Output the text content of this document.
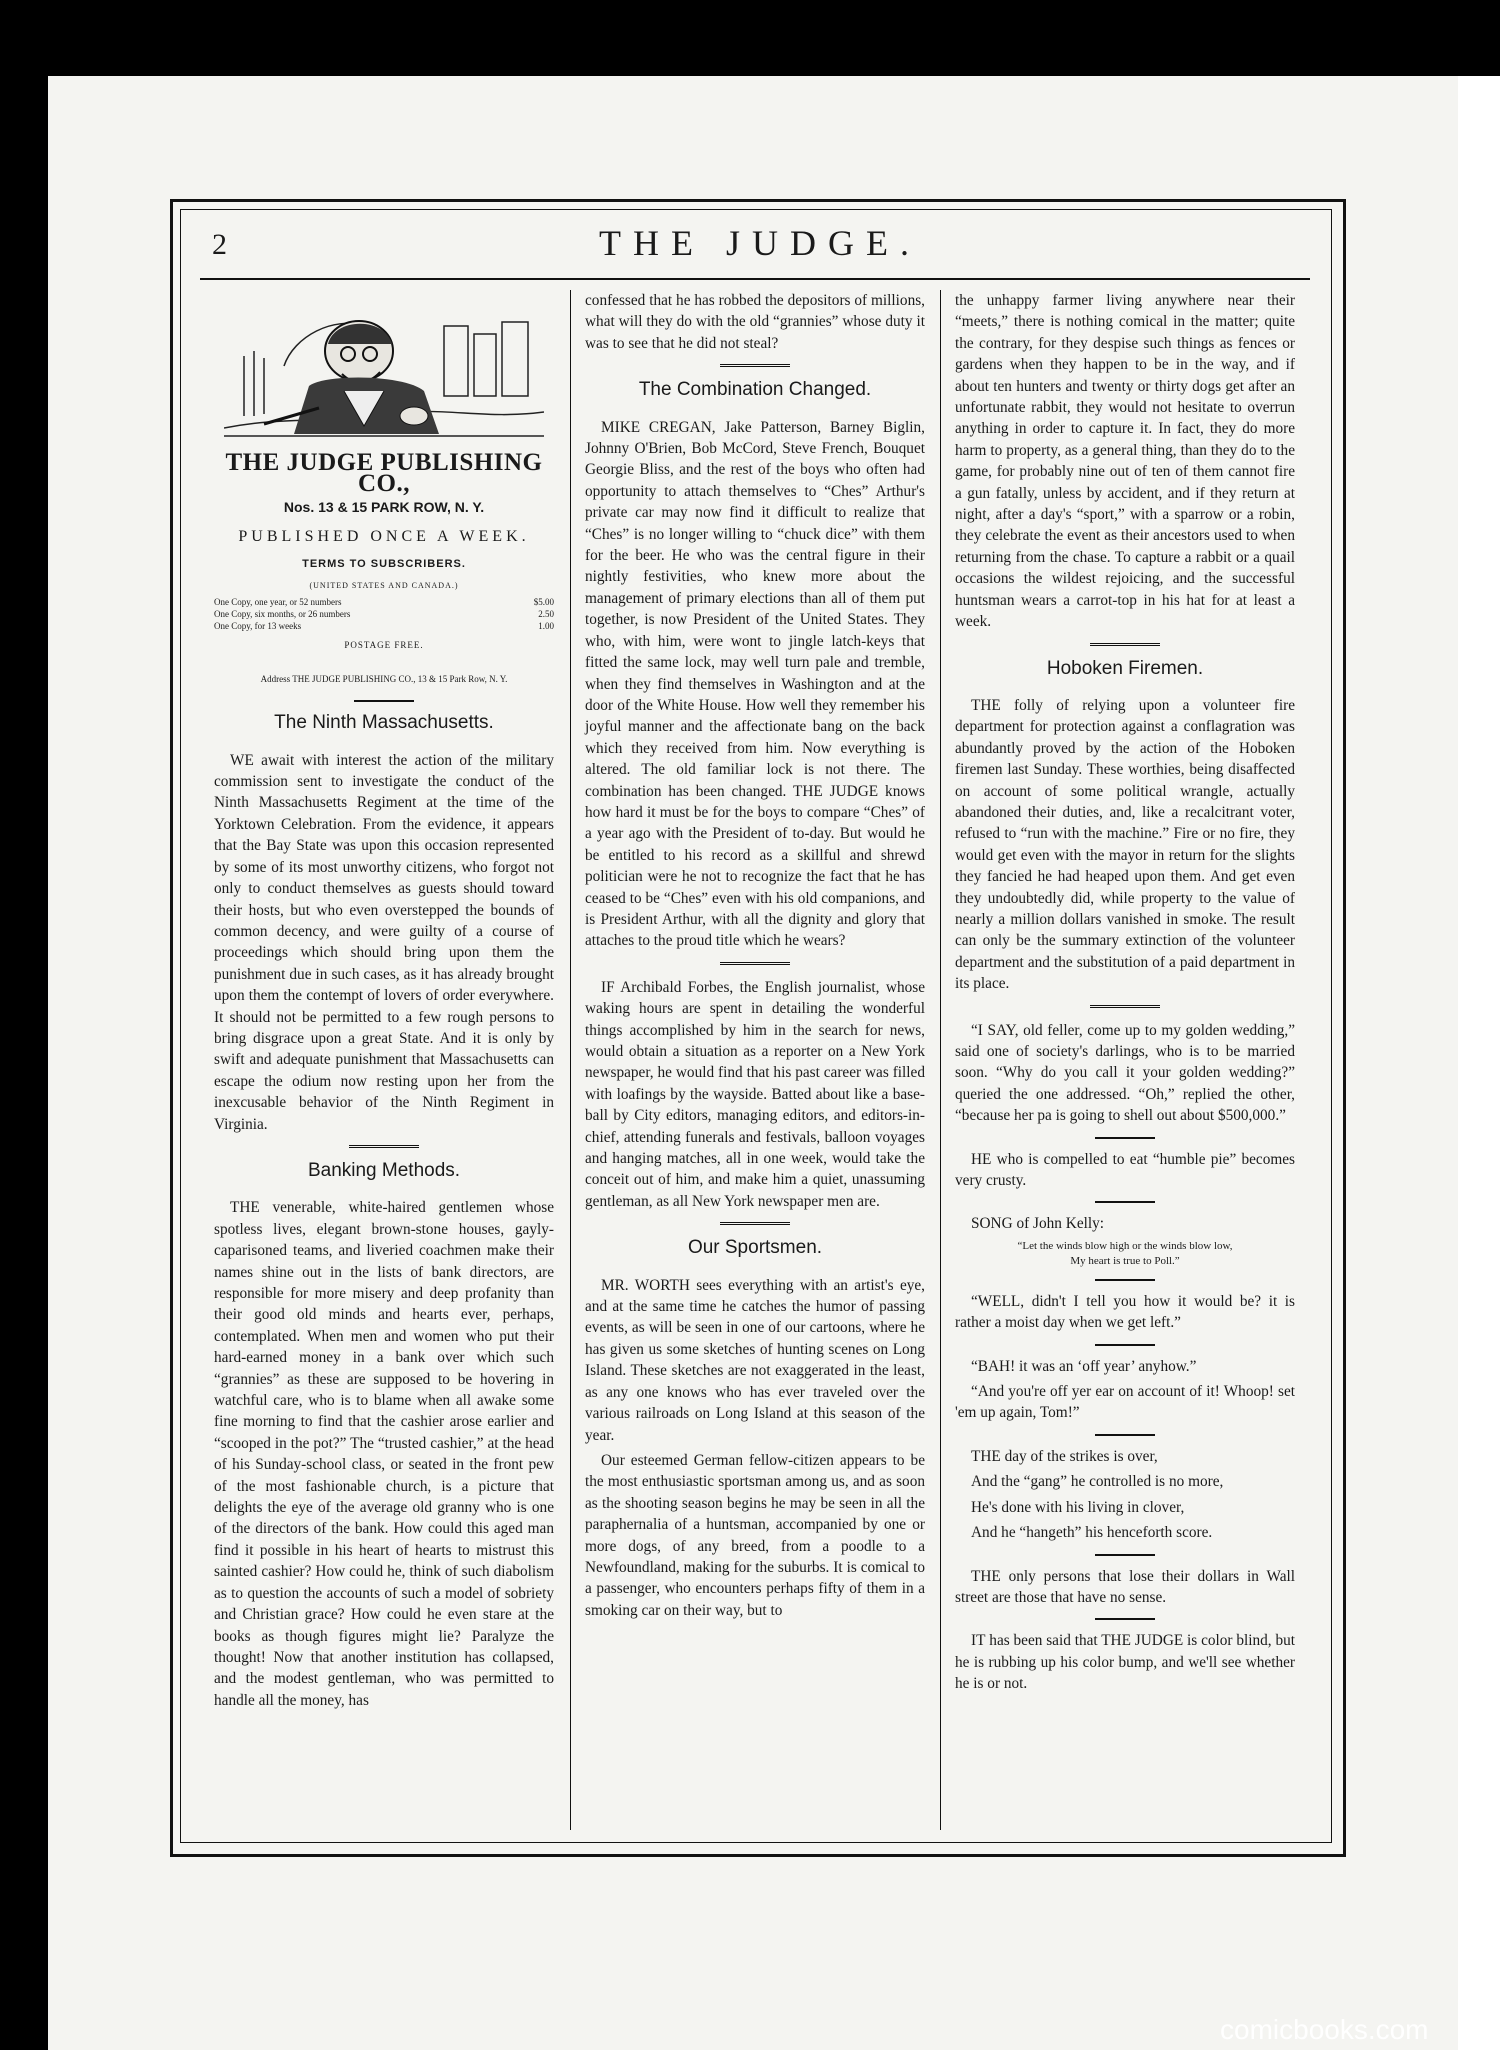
2	THE JUDGE.
THE JUDGE PUBLISHING CO.,
Nos. 13 & 15 PARK ROW, N. Y.
PUBLISHED ONCE A WEEK.
TERMS TO SUBSCRIBERS.
(UNITED STATES AND CANADA.)
One Copy, one year, or 52 numbers	$5.00
One Copy, six months, or 26 numbers	2.50
One Copy, for 13 weeks	1.00
POSTAGE FREE.
Address THE JUDGE PUBLISHING CO., 13 & 15 Park Row, N. Y.
The Ninth Massachusetts.

WE await with interest the action of the military commission sent to investigate the conduct of the Ninth Massachusetts Regiment at the time of the Yorktown Celebration. From the evidence, it appears that the Bay State was upon this occasion represented by some of its most unworthy citizens, who forgot not only to conduct themselves as guests should toward their hosts, but who even overstepped the bounds of common decency, and were guilty of a course of proceedings which should bring upon them the punishment due in such cases, as it has already brought upon them the contempt of lovers of order everywhere. It should not be permitted to a few rough persons to bring disgrace upon a great State. And it is only by swift and adequate punishment that Massachusetts can escape the odium now resting upon her from the inexcusable behavior of the Ninth Regiment in Virginia.

Banking Methods.

THE venerable, white-haired gentlemen whose spotless lives, elegant brown-stone houses, gayly-caparisoned teams, and liveried coachmen make their names shine out in the lists of bank directors, are responsible for more misery and deep profanity than their good old minds and hearts ever, perhaps, contemplated. When men and women who put their hard-earned money in a bank over which such “grannies” as these are supposed to be hovering in watchful care, who is to blame when all awake some fine morning to find that the cashier arose earlier and “scooped in the pot?” The “trusted cashier,” at the head of his Sunday-school class, or seated in the front pew of the most fashionable church, is a picture that delights the eye of the average old granny who is one of the directors of the bank. How could this aged man find it possible in his heart of hearts to mistrust this sainted cashier? How could he, think of such diabolism as to question the accounts of such a model of sobriety and Christian grace? How could he even stare at the books as though figures might lie? Paralyze the thought! Now that another institution has collapsed, and the modest gentleman, who was permitted to handle all the money, has

confessed that he has robbed the depositors of millions, what will they do with the old “grannies” whose duty it was to see that he did not steal?

The Combination Changed.

MIKE CREGAN, Jake Patterson, Barney Biglin, Johnny O'Brien, Bob McCord, Steve French, Bouquet Georgie Bliss, and the rest of the boys who often had opportunity to attach themselves to “Ches” Arthur's private car may now find it difficult to realize that “Ches” is no longer willing to “chuck dice” with them for the beer. He who was the central figure in their nightly festivities, who knew more about the management of primary elections than all of them put together, is now President of the United States. They who, with him, were wont to jingle latch-keys that fitted the same lock, may well turn pale and tremble, when they find themselves in Washington and at the door of the White House. How well they remember his joyful manner and the affectionate bang on the back which they received from him. Now everything is altered. The old familiar lock is not there. The combination has been changed. THE JUDGE knows how hard it must be for the boys to compare “Ches” of a year ago with the President of to-day. But would he be entitled to his record as a skillful and shrewd politician were he not to recognize the fact that he has ceased to be “Ches” even with his old companions, and is President Arthur, with all the dignity and glory that attaches to the proud title which he wears?

IF Archibald Forbes, the English journalist, whose waking hours are spent in detailing the wonderful things accomplished by him in the search for news, would obtain a situation as a reporter on a New York newspaper, he would find that his past career was filled with loafings by the wayside. Batted about like a base-ball by City editors, managing editors, and editors-in-chief, attending funerals and festivals, balloon voyages and hanging matches, all in one week, would take the conceit out of him, and make him a quiet, unassuming gentleman, as all New York newspaper men are.

Our Sportsmen.

MR. WORTH sees everything with an artist's eye, and at the same time he catches the humor of passing events, as will be seen in one of our cartoons, where he has given us some sketches of hunting scenes on Long Island. These sketches are not exaggerated in the least, as any one knows who has ever traveled over the various railroads on Long Island at this season of the year.

Our esteemed German fellow-citizen appears to be the most enthusiastic sportsman among us, and as soon as the shooting season begins he may be seen in all the paraphernalia of a huntsman, accompanied by one or more dogs, of any breed, from a poodle to a Newfoundland, making for the suburbs. It is comical to a passenger, who encounters perhaps fifty of them in a smoking car on their way, but to

the unhappy farmer living anywhere near their “meets,” there is nothing comical in the matter; quite the contrary, for they despise such things as fences or gardens when they happen to be in the way, and if about ten hunters and twenty or thirty dogs get after an unfortunate rabbit, they would not hesitate to overrun anything in order to capture it. In fact, they do more harm to property, as a general thing, than they do to the game, for probably nine out of ten of them cannot fire a gun fatally, unless by accident, and if they return at night, after a day's “sport,” with a sparrow or a robin, they celebrate the event as their ancestors used to when returning from the chase. To capture a rabbit or a quail occasions the wildest rejoicing, and the successful huntsman wears a carrot-top in his hat for at least a week.

Hoboken Firemen.

THE folly of relying upon a volunteer fire department for protection against a conflagration was abundantly proved by the action of the Hoboken firemen last Sunday. These worthies, being disaffected on account of some political wrangle, actually abandoned their duties, and, like a recalcitrant voter, refused to “run with the machine.” Fire or no fire, they would get even with the mayor in return for the slights they fancied he had heaped upon them. And get even they undoubtedly did, while property to the value of nearly a million dollars vanished in smoke. The result can only be the summary extinction of the volunteer department and the substitution of a paid department in its place.

“I SAY, old feller, come up to my golden wedding,” said one of society's darlings, who is to be married soon. “Why do you call it your golden wedding?” queried the one addressed. “Oh,” replied the other, “because her pa is going to shell out about $500,000.”

HE who is compelled to eat “humble pie” becomes very crusty.

SONG of John Kelly:

“Let the winds blow high or the winds blow low,
My heart is true to Poll.”

“WELL, didn't I tell you how it would be? it is rather a moist day when we get left.”

“BAH! it was an ‘off year’ anyhow.”

“And you're off yer ear on account of it! Whoop! set 'em up again, Tom!”

THE day of the strikes is over,

And the “gang” he controlled is no more,

He's done with his living in clover,

And he “hangeth” his henceforth score.

THE only persons that lose their dollars in Wall street are those that have no sense.

IT has been said that THE JUDGE is color blind, but he is rubbing up his color bump, and we'll see whether he is or not.

comicbooks.com
